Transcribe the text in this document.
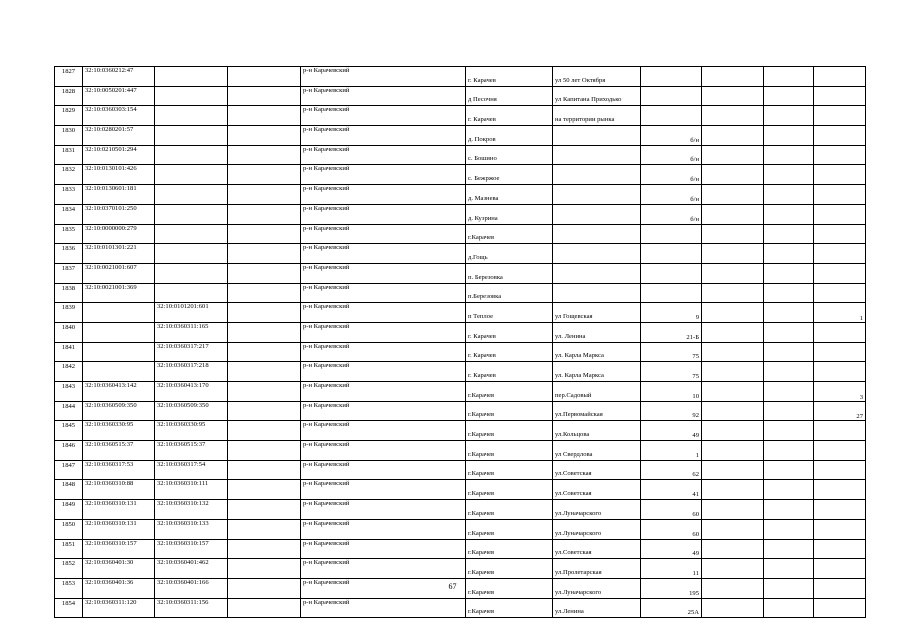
1827	32:10:0360212:47			р-н Карачевский	г. Карачев	ул 50 лет Октября				
1828	32:10:0050201:447			р-н Карачевский	д Песочня	ул Капитана Приходько				
1829	32:10:0360303:154			р-н Карачевский	г. Карачев	на территории рынка				
1830	32:10:0280201:57			р-н Карачевский	д. Покров		б/н			
1831	32:10:0210501:294			р-н Карачевский	с. Бошино		б/н			
1832	32:10:0130101:426			р-н Карачевский	с. Бежржое		б/н			
1833	32:10:0130601:181			р-н Карачевский	д. Мазнева		б/н			
1834	32:10:0370101:250			р-н Карачевский	д. Кузрина		б/н			
1835	32:10:0000000:279			р-н Карачевский	г.Карачев					
1836	32:10:0101301:221			р-н Карачевский	д.Гощь					
1837	32:10:0021001:607			р-н Карачевский	п. Березовка					
1838	32:10:0021001:369			р-н Карачевский	п.Березовка					
1839		32:10:0101201:601		р-н Карачевский	п Теплое	ул Гощевская	9			1
1840		32:10:0360311:165		р-н Карачевский	г. Карачев	ул. Ленина	21-Б			
1841		32:10:0360317:217		р-н Карачевский	г. Карачев	ул. Карла Маркса	75			
1842		32:10:0360317:218		р-н Карачевский	г. Карачев	ул. Карла Маркса	75			
1843	32:10:0360413:142	32:10:0360413:170		р-н Карачевский	г.Карачев	пер.Садовый	10			3
1844	32:10:0360509:350	32:10:0360509:350		р-н Карачевский	г.Карачев	ул.Первомайская	92			27
1845	32:10:0360330:95	32:10:0360330:95		р-н Карачевский	г.Карачев	ул.Кольцова	49			
1846	32:10:0360515:37	32:10:0360515:37		р-н Карачевский	г.Карачев	ул Свердлова	1			
1847	32:10:0360317:53	32:10:0360317:54		р-н Карачевский	г.Карачев	ул.Советская	62			
1848	32:10:0360310:88	32:10:0360310:111		р-н Карачевский	г.Карачев	ул.Советская	41			
1849	32:10:0360310:131	32:10:0360310:132		р-н Карачевский	г.Карачев	ул.Луначарского	60			
1850	32:10:0360310:131	32:10:0360310:133		р-н Карачевский	г.Карачев	ул.Луначарского	60			
1851	32:10:0360310:157	32:10:0360310:157		р-н Карачевский	г.Карачев	ул.Советская	49			
1852	32:10:0360401:30	32:10:0360401:462		р-н Карачевский	г.Карачев	ул.Пролетарская	11			
1853	32:10:0360401:36	32:10:0360401:166		р-н Карачевский	г.Карачев	ул.Луначарского	195			
1854	32:10:0360311:120	32:10:0360311:156		р-н Карачевский	г.Карачев	ул.Ленина	25А			
67
